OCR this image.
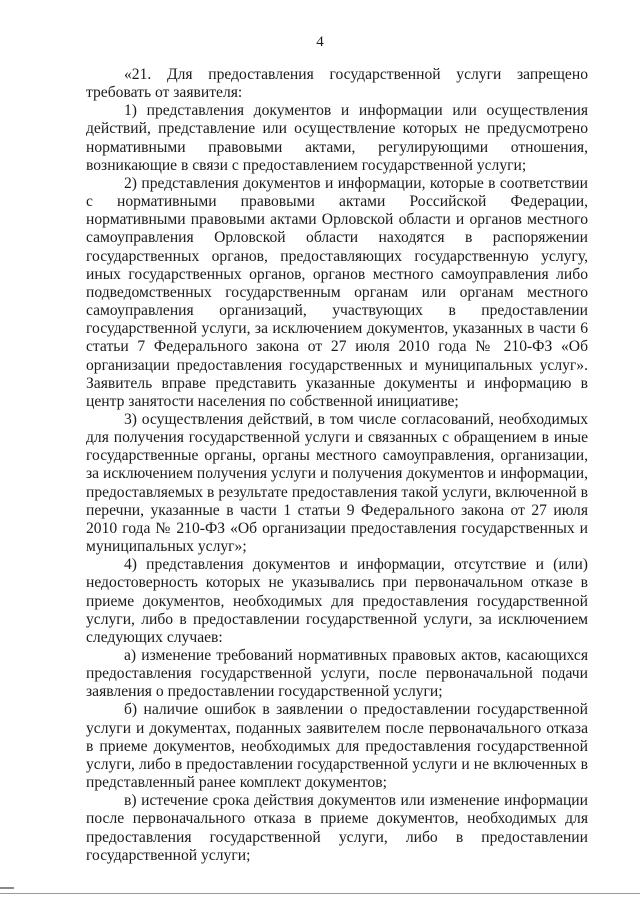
4

«21. Для предоставления государственной услуги запрещено требовать от заявителя:

1) представления документов и информации или осуществления действий, представление или осуществление которых не предусмотрено нормативными правовыми актами, регулирующими отношения, возникающие в связи с предоставлением государственной услуги;

2) представления документов и информации, которые в соответствии с нормативными правовыми актами Российской Федерации, нормативными правовыми актами Орловской области и органов местного самоуправления Орловской области находятся в распоряжении государственных органов, предоставляющих государственную услугу, иных государственных органов, органов местного самоуправления либо подведомственных государственным органам или органам местного самоуправления организаций, участвующих в предоставлении государственной услуги, за исключением документов, указанных в части 6 статьи 7 Федерального закона от 27 июля 2010 года № 210-ФЗ «Об организации предоставления государственных и муниципальных услуг». Заявитель вправе представить указанные документы и информацию в центр занятости населения по собственной инициативе;

3) осуществления действий, в том числе согласований, необходимых для получения государственной услуги и связанных с обращением в иные государственные органы, органы местного самоуправления, организации, за исключением получения услуги и получения документов и информации, предоставляемых в результате предоставления такой услуги, включенной в перечни, указанные в части 1 статьи 9 Федерального закона от 27 июля 2010 года № 210-ФЗ «Об организации предоставления государственных и муниципальных услуг»;

4) представления документов и информации, отсутствие и (или) недостоверность которых не указывались при первоначальном отказе в приеме документов, необходимых для предоставления государственной услуги, либо в предоставлении государственной услуги, за исключением следующих случаев:

а) изменение требований нормативных правовых актов, касающихся предоставления государственной услуги, после первоначальной подачи заявления о предоставлении государственной услуги;

б) наличие ошибок в заявлении о предоставлении государственной услуги и документах, поданных заявителем после первоначального отказа в приеме документов, необходимых для предоставления государственной услуги, либо в предоставлении государственной услуги и не включенных в представленный ранее комплект документов;

в) истечение срока действия документов или изменение информации после первоначального отказа в приеме документов, необходимых для предоставления государственной услуги, либо в предоставлении государственной услуги;
